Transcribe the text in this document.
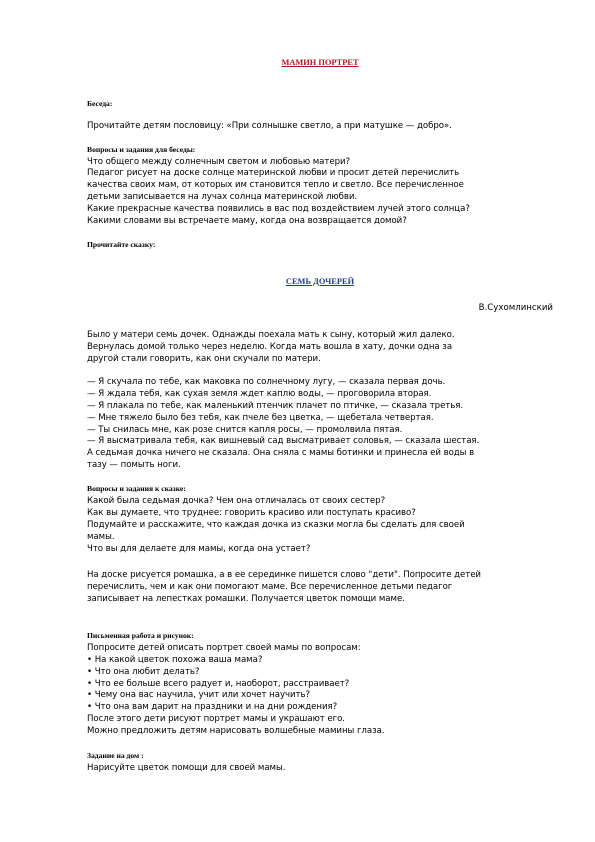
МАМИН ПОРТРЕТ
Беседа:
Прочитайте детям пословицу: «При солнышке светло, а при матушке — добро».
Вопросы и задания для беседы:
Что общего между солнечным светом и любовью матери?
Педагог рисует на доске солнце материнской любви и просит детей перечислить
качества своих мам, от которых им становится тепло и светло. Все перечисленное
детьми записывается на лучах солнца материнской любви.
Какие прекрасные качества появились в вас под воздействием лучей этого солнца?
Какими словами вы встречаете маму, когда она возвращается домой?
Прочитайте сказку:
СЕМЬ ДОЧЕРЕЙ
В.Сухомлинский
Было у матери семь дочек. Однажды поехала мать к сыну, который жил далеко.
Вернулась домой только через неделю. Когда мать вошла в хату, дочки одна за
другой стали говорить, как они скучали по матери.
— Я скучала по тебе, как маковка по солнечному лугу, — сказала первая дочь.
— Я ждала тебя, как сухая земля ждет каплю воды, — проговорила вторая.
— Я плакала по тебе, как маленький птенчик плачет по птичке, — сказала третья.
— Мне тяжело было без тебя, как пчеле без цветка, — щебетала четвертая.
— Ты снилась мне, как розе снится капля росы, — промолвила пятая.
— Я высматривала тебя, как вишневый сад высматривает соловья, — сказала шестая.
А седьмая дочка ничего не сказала. Она сняла с мамы ботинки и принесла ей воды в
тазу — помыть ноги.
Вопросы и задания к сказке:
Какой была седьмая дочка? Чем она отличалась от своих сестер?
Как вы думаете, что труднее: говорить красиво или поступать красиво?
Подумайте и расскажите, что каждая дочка из сказки могла бы сделать для своей
мамы.
Что вы для делаете для мамы, когда она устает?
На доске рисуется ромашка, а в ее серединке пишется слово "дети". Попросите детей
перечислить, чем и как они помогают маме. Все перечисленное детьми педагог
записывает на лепестках ромашки. Получается цветок помощи маме.
Письменная работа и рисунок:
Попросите детей описать портрет своей мамы по вопросам:
• На какой цветок похожа ваша мама?
• Что она любит делать?
• Что ее больше всего радует и, наоборот, расстраивает?
• Чему она вас научила, учит или хочет научить?
• Что она вам дарит на праздники и на дни рождения?
После этого дети рисуют портрет мамы и украшают его.
Можно предложить детям нарисовать волшебные мамины глаза.
Задание на дом :
Нарисуйте цветок помощи для своей мамы.
